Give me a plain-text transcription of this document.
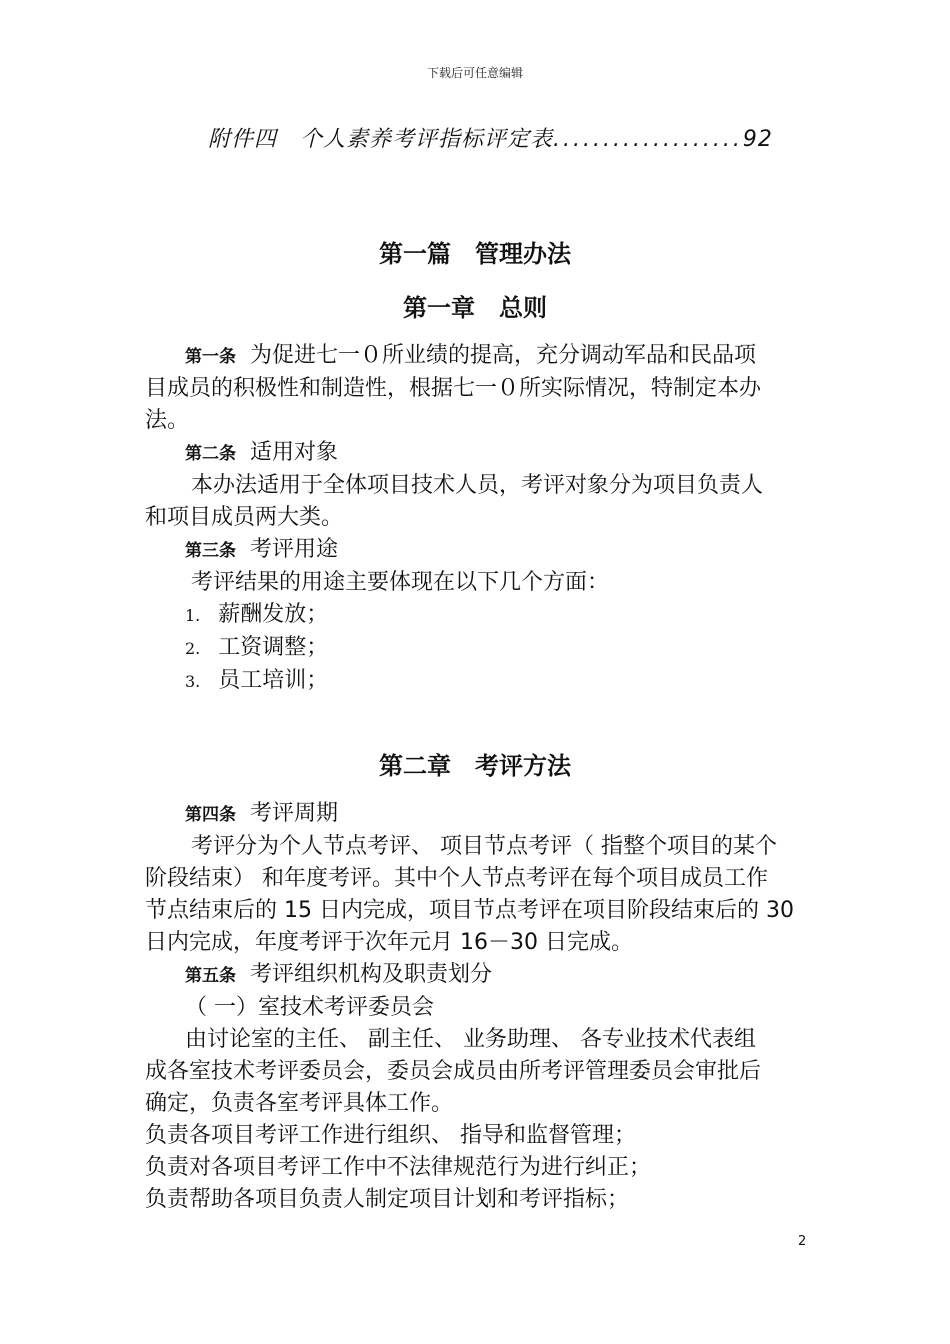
下载后可任意编辑
附件四　个人素养考评指标评定表...................92
第一篇　管理办法
第一章　总则
第一条 为促进七一０所业绩的提高，充分调动军品和民品项
目成员的积极性和制造性，根据七一０所实际情况，特制定本办
法。
第二条 适用对象
本办法适用于全体项目技术人员，考评对象分为项目负责人
和项目成员两大类。
第三条 考评用途
考评结果的用途主要体现在以下几个方面：
1. 薪酬发放；
2. 工资调整；
3. 员工培训；
第二章　考评方法
第四条 考评周期
考评分为个人节点考评、 项目节点考评（ 指整个项目的某个
阶段结束） 和年度考评。其中个人节点考评在每个项目成员工作
节点结束后的 15 日内完成，项目节点考评在项目阶段结束后的 30
日内完成，年度考评于次年元月 16－30 日完成。
第五条 考评组织机构及职责划分
（ 一）室技术考评委员会
由讨论室的主任、 副主任、 业务助理、 各专业技术代表组
成各室技术考评委员会，委员会成员由所考评管理委员会审批后
确定，负责各室考评具体工作。
负责各项目考评工作进行组织、 指导和监督管理；
负责对各项目考评工作中不法律规范行为进行纠正；
负责帮助各项目负责人制定项目计划和考评指标；
2
